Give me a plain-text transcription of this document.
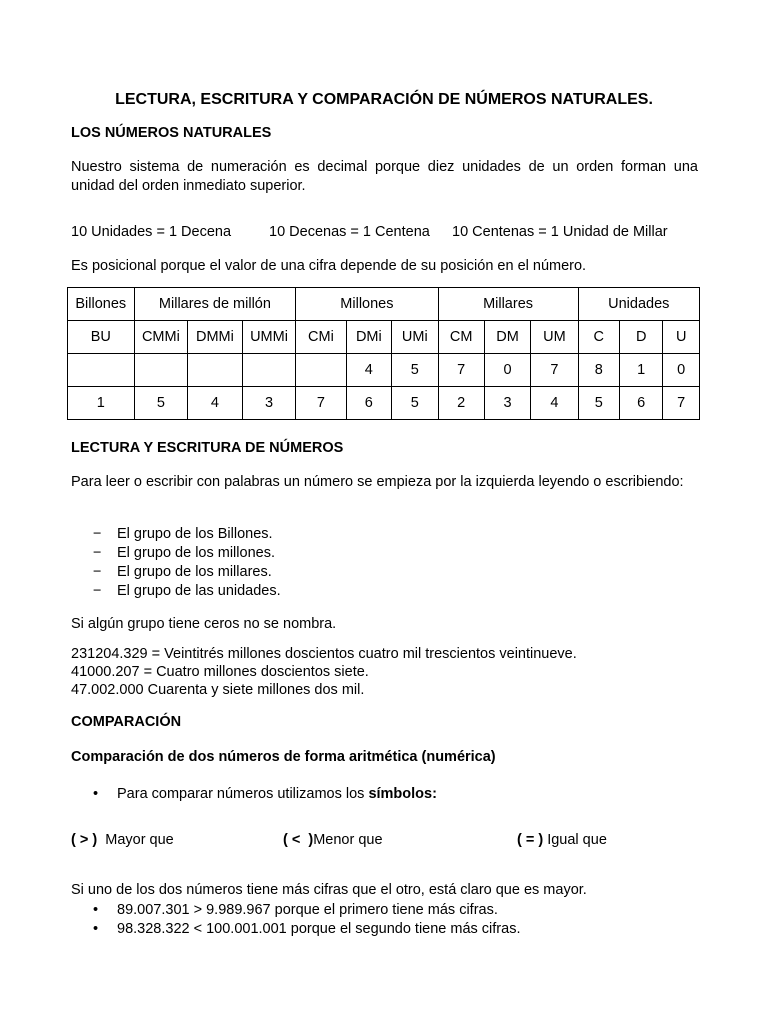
LECTURA, ESCRITURA Y COMPARACIÓN DE NÚMEROS NATURALES.

LOS NÚMEROS NATURALES

Nuestro sistema de numeración es decimal porque diez unidades de un orden forman una unidad del orden inmediato superior.

10 Unidades = 1 Decena	10 Decenas = 1 Centena 10 Centenas = 1 Unidad de Millar

Es posicional porque el valor de una cifra depende de su posición en el número.

Billones	Millares de millón			Millones			Millares			Unidades		
BU	CMMi	DMMi	UMMi	CMi	DMi	UMi	CM	DM	UM	C	D	U
					4	5	7	0	7	8	1	0
1	5	4	3	7	6	5	2	3	4	5	6	7

LECTURA Y ESCRITURA DE NÚMEROS

Para leer o escribir con palabras un número se empieza por la izquierda leyendo o escribiendo:

− El grupo de los Billones.
− El grupo de los millones.
− El grupo de los millares.
− El grupo de las unidades.

Si algún grupo tiene ceros no se nombra.

231204.329 = Veintitrés millones doscientos cuatro mil trescientos veintinueve.

41000.207 = Cuatro millones doscientos siete.

47.002.000 Cuarenta y siete millones dos mil.

COMPARACIÓN

Comparación de dos números de forma aritmética (numérica)

• Para comparar números utilizamos los símbolos:

( > )  Mayor que	( <  )Menor que	( = ) Igual que

Si uno de los dos números tiene más cifras que el otro, está claro que es mayor.

• 89.007.301 > 9.989.967 porque el primero tiene más cifras.
• 98.328.322 < 100.001.001 porque el segundo tiene más cifras.
